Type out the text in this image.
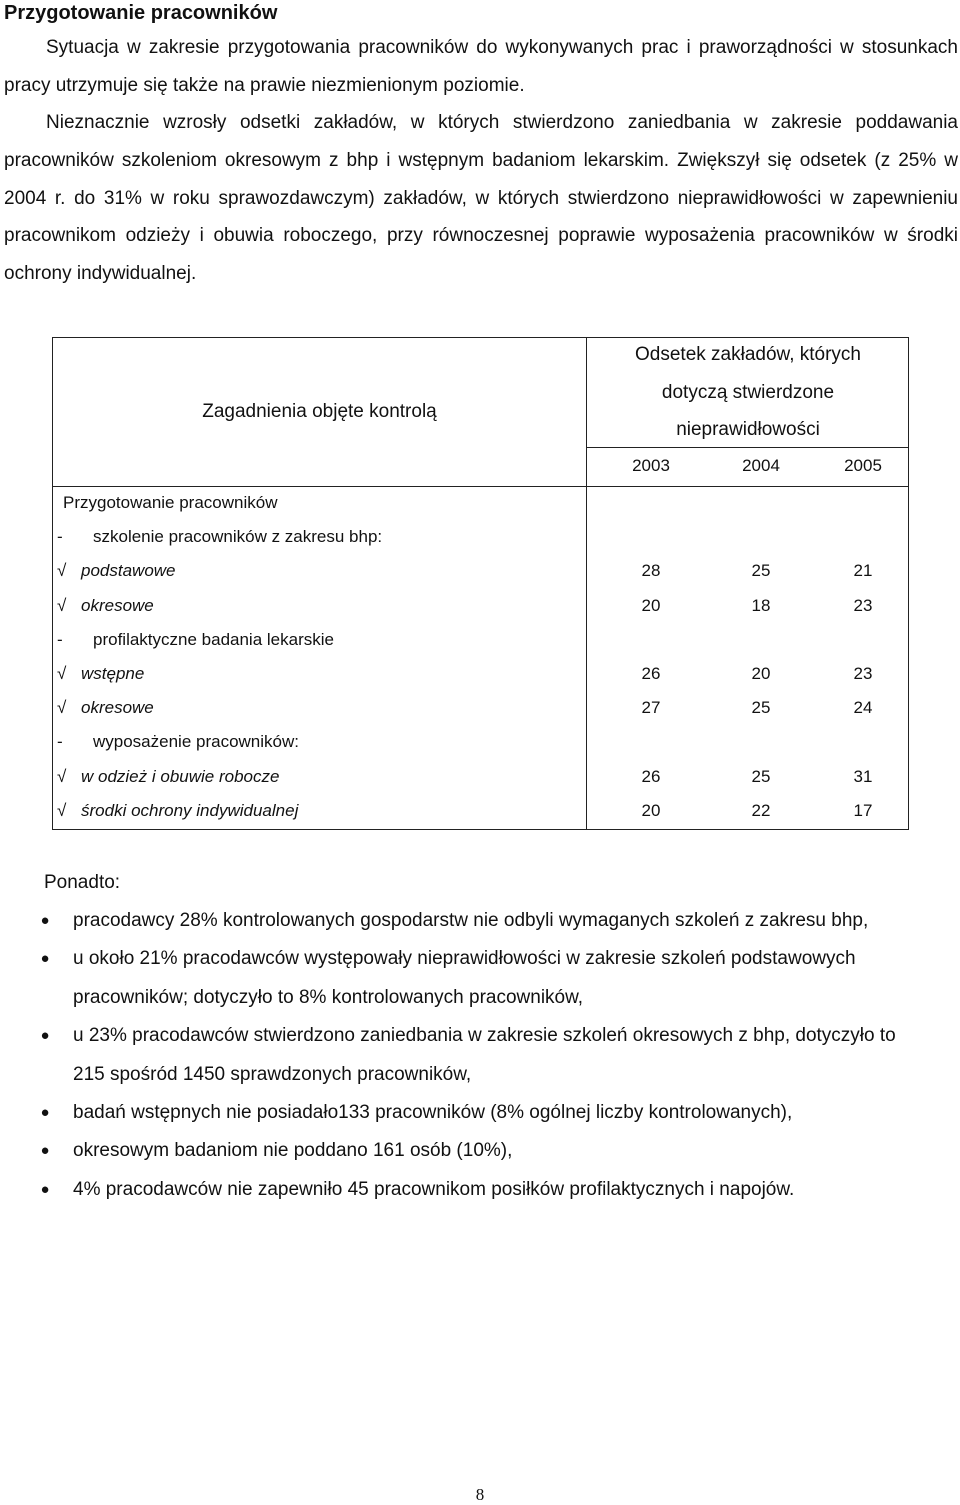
Przygotowanie pracowników

Sytuacja w zakresie przygotowania pracowników do wykonywanych prac i praworządności w stosunkach pracy utrzymuje się także na prawie niezmienionym poziomie.

Nieznacznie wzrosły odsetki zakładów, w których stwierdzono zaniedbania w zakresie poddawania pracowników szkoleniom okresowym z bhp i wstępnym badaniom lekarskim. Zwiększył się odsetek (z 25% w 2004 r. do 31% w roku sprawozdawczym) zakładów, w których stwierdzono nieprawidłowości w zapewnieniu pracownikom odzieży i obuwia roboczego, przy równoczesnej poprawie wyposażenia pracowników w środki ochrony indywidualnej.

Zagadnienia objęte kontrolą
Odsetek zakładów, których dotyczą stwierdzone nieprawidłowości
2003	2004	2005
Przygotowanie pracowników
- szkolenie pracowników z zakresu bhp:
√ podstawowe	28	25	21
√ okresowe	20	18	23
- profilaktyczne badania lekarskie
√ wstępne	26	20	23
√ okresowe	27	25	24
- wyposażenie pracowników:
√ w odzież i obuwie robocze	26	25	31
√ środki ochrony indywidualnej	20	22	17
Ponadto:
● pracodawcy 28% kontrolowanych gospodarstw nie odbyli wymaganych szkoleń z zakresu bhp,
● u około 21% pracodawców występowały nieprawidłowości w zakresie szkoleń podstawowych pracowników; dotyczyło to 8% kontrolowanych pracowników,
● u 23% pracodawców stwierdzono zaniedbania w zakresie szkoleń okresowych z bhp, dotyczyło to 215 spośród 1450 sprawdzonych pracowników,
● badań wstępnych nie posiadało133 pracowników (8% ogólnej liczby kontrolowanych),
● okresowym badaniom nie poddano 161 osób (10%),
● 4% pracodawców nie zapewniło 45 pracownikom posiłków profilaktycznych i napojów.
8
